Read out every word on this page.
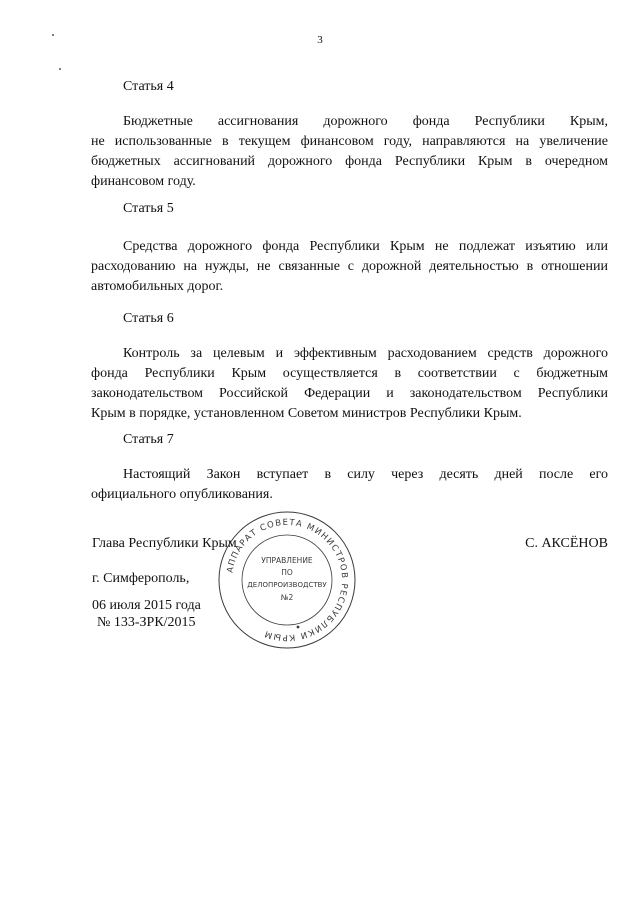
3
Статья 4
Бюджетные ассигнования дорожного фонда Республики Крым,
не использованные в текущем финансовом году, направляются на увеличение
бюджетных ассигнований дорожного фонда Республики Крым в очередном
финансовом году.
Статья 5
Средства дорожного фонда Республики Крым не подлежат изъятию или
расходованию на нужды, не связанные с дорожной деятельностью в отношении
автомобильных дорог.
Статья 6
Контроль за целевым и эффективным расходованием средств дорожного
фонда Республики Крым осуществляется в соответствии с бюджетным
законодательством Российской Федерации и законодательством Республики
Крым в порядке, установленном Советом министров Республики Крым.
Статья 7
Настоящий Закон вступает в силу через десять дней после его
официального опубликования.
Глава Республики Крым	С. АКСЁНОВ
г. Симферополь,
06 июля 2015 года
№ 133-ЗРК/2015
АППАРАТ СОВЕТА МИНИСТРОВ РЕСПУБЛИКИ КРЫМ
УПРАВЛЕНИЕ
ПО
ДЕЛОПРОИЗВОДСТВУ
№2
